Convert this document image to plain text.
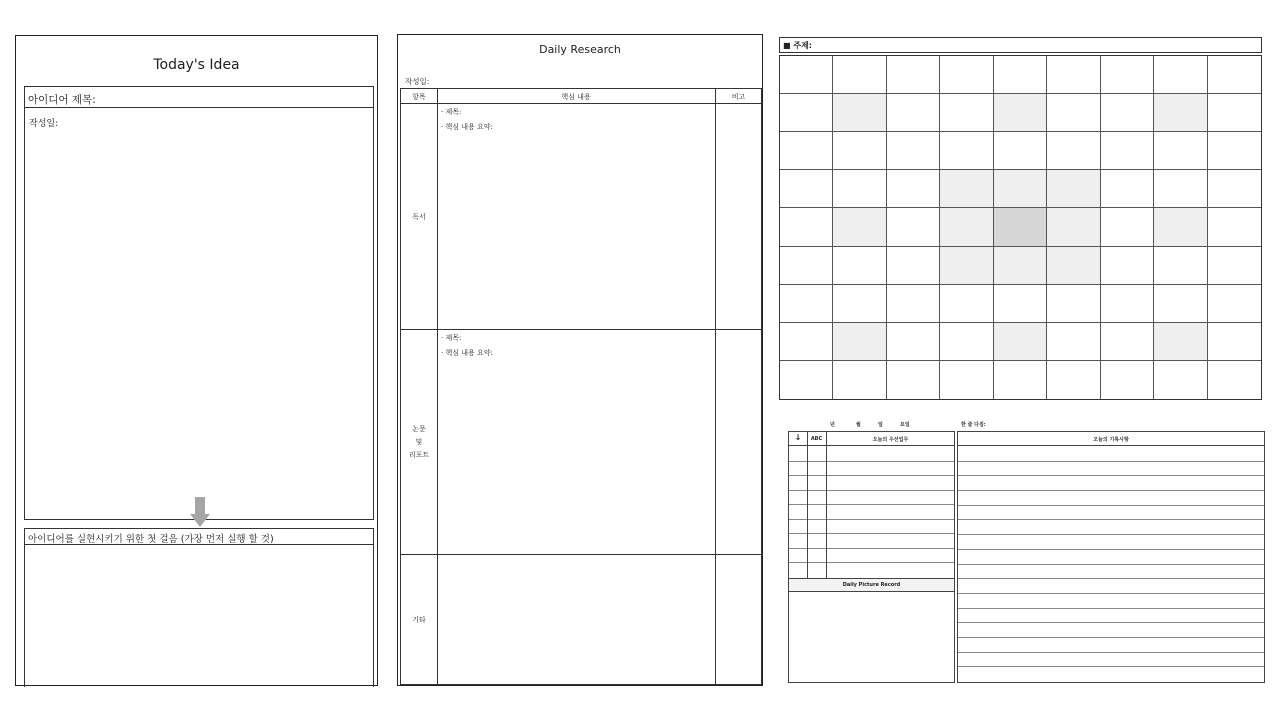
Today's Idea
아이디어 제목:
작성일:
아이디어를 실현시키기 위한 첫 걸음 (가장 먼저 실행 할 것)
Daily Research
작성일:
항목	핵심 내용	비고
독서
· 제목:
· 핵심 내용 요약:
논문
및
리포트
· 제목:
· 핵심 내용 요약:
기타
■ 주제:
년	월	일	요일	한 줄 다짐:
↓	ABC	오늘의 우선업무
Daily Picture Record
오늘의 기록사항
